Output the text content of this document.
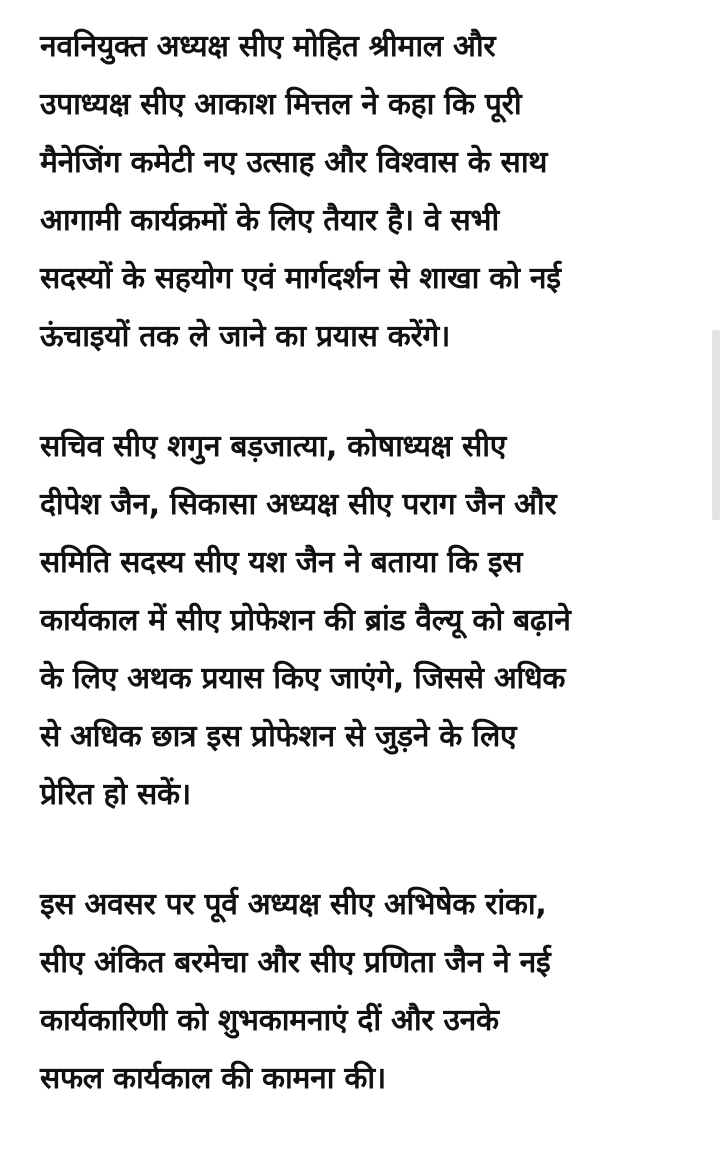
नवनियुक्त अध्यक्ष सीए मोहित श्रीमाल और
उपाध्यक्ष सीए आकाश मित्तल ने कहा कि पूरी
मैनेजिंग कमेटी नए उत्साह और विश्वास के साथ
आगामी कार्यक्रमों के लिए तैयार है। वे सभी
सदस्यों के सहयोग एवं मार्गदर्शन से शाखा को नई
ऊंचाइयों तक ले जाने का प्रयास करेंगे।

सचिव सीए शगुन बड़जात्या, कोषाध्यक्ष सीए
दीपेश जैन, सिकासा अध्यक्ष सीए पराग जैन और
समिति सदस्य सीए यश जैन ने बताया कि इस
कार्यकाल में सीए प्रोफेशन की ब्रांड वैल्यू को बढ़ाने
के लिए अथक प्रयास किए जाएंगे, जिससे अधिक
से अधिक छात्र इस प्रोफेशन से जुड़ने के लिए
प्रेरित हो सकें।

इस अवसर पर पूर्व अध्यक्ष सीए अभिषेक रांका,
सीए अंकित बरमेचा और सीए प्रणिता जैन ने नई
कार्यकारिणी को शुभकामनाएं दीं और उनके
सफल कार्यकाल की कामना की।
